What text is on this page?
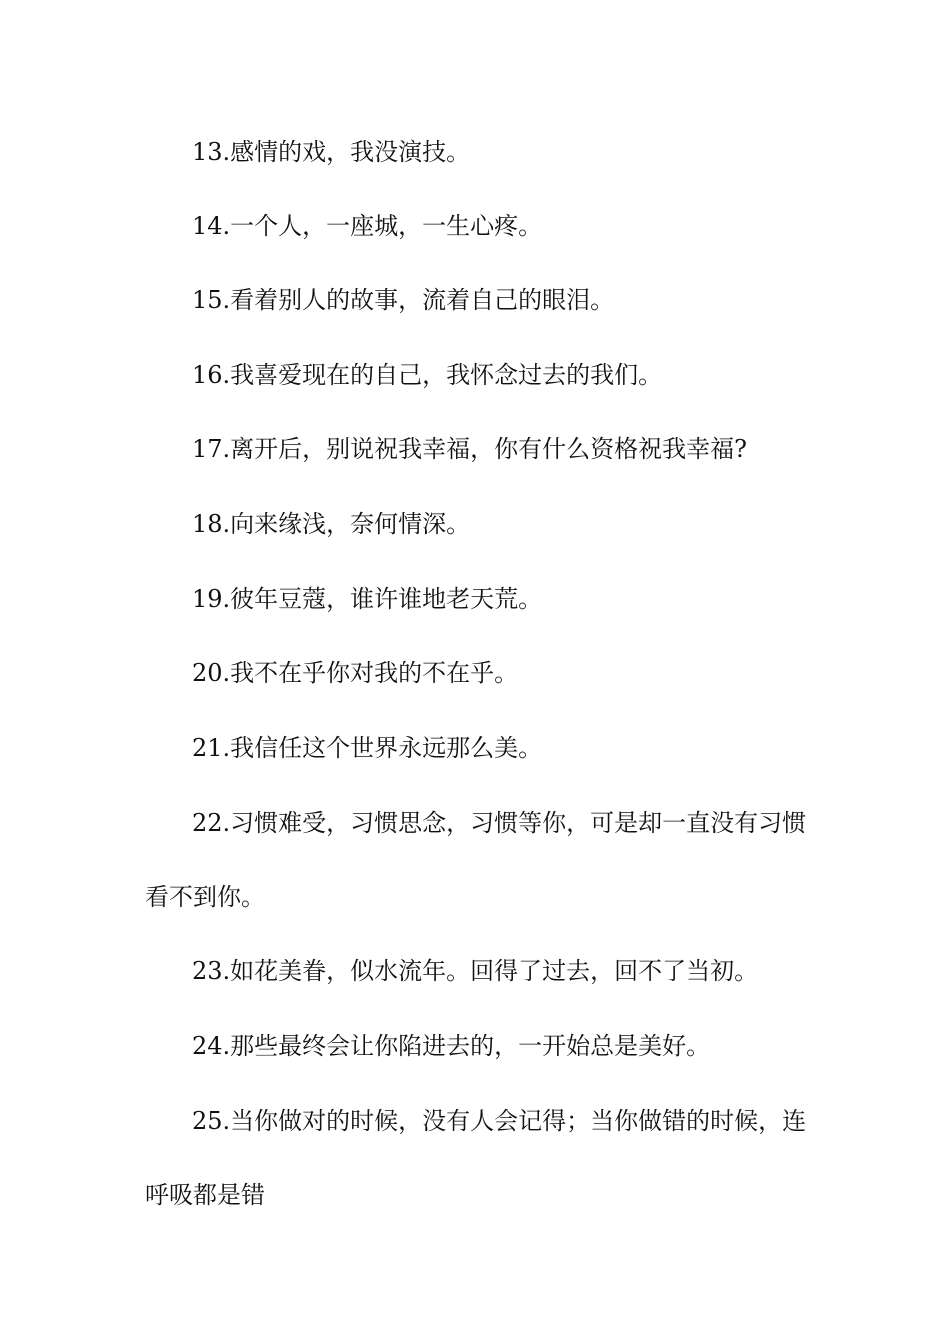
13.感情的戏，我没演技。

14.一个人，一座城，一生心疼。

15.看着别人的故事，流着自己的眼泪。

16.我喜爱现在的自己，我怀念过去的我们。

17.离开后，别说祝我幸福，你有什么资格祝我幸福?

18.向来缘浅，奈何情深。

19.彼年豆蔻，谁许谁地老天荒。

20.我不在乎你对我的不在乎。

21.我信任这个世界永远那么美。

22.习惯难受，习惯思念，习惯等你，可是却一直没有习惯看不到你。

23.如花美眷，似水流年。回得了过去，回不了当初。

24.那些最终会让你陷进去的，一开始总是美好。

25.当你做对的时候，没有人会记得；当你做错的时候，连呼吸都是错
